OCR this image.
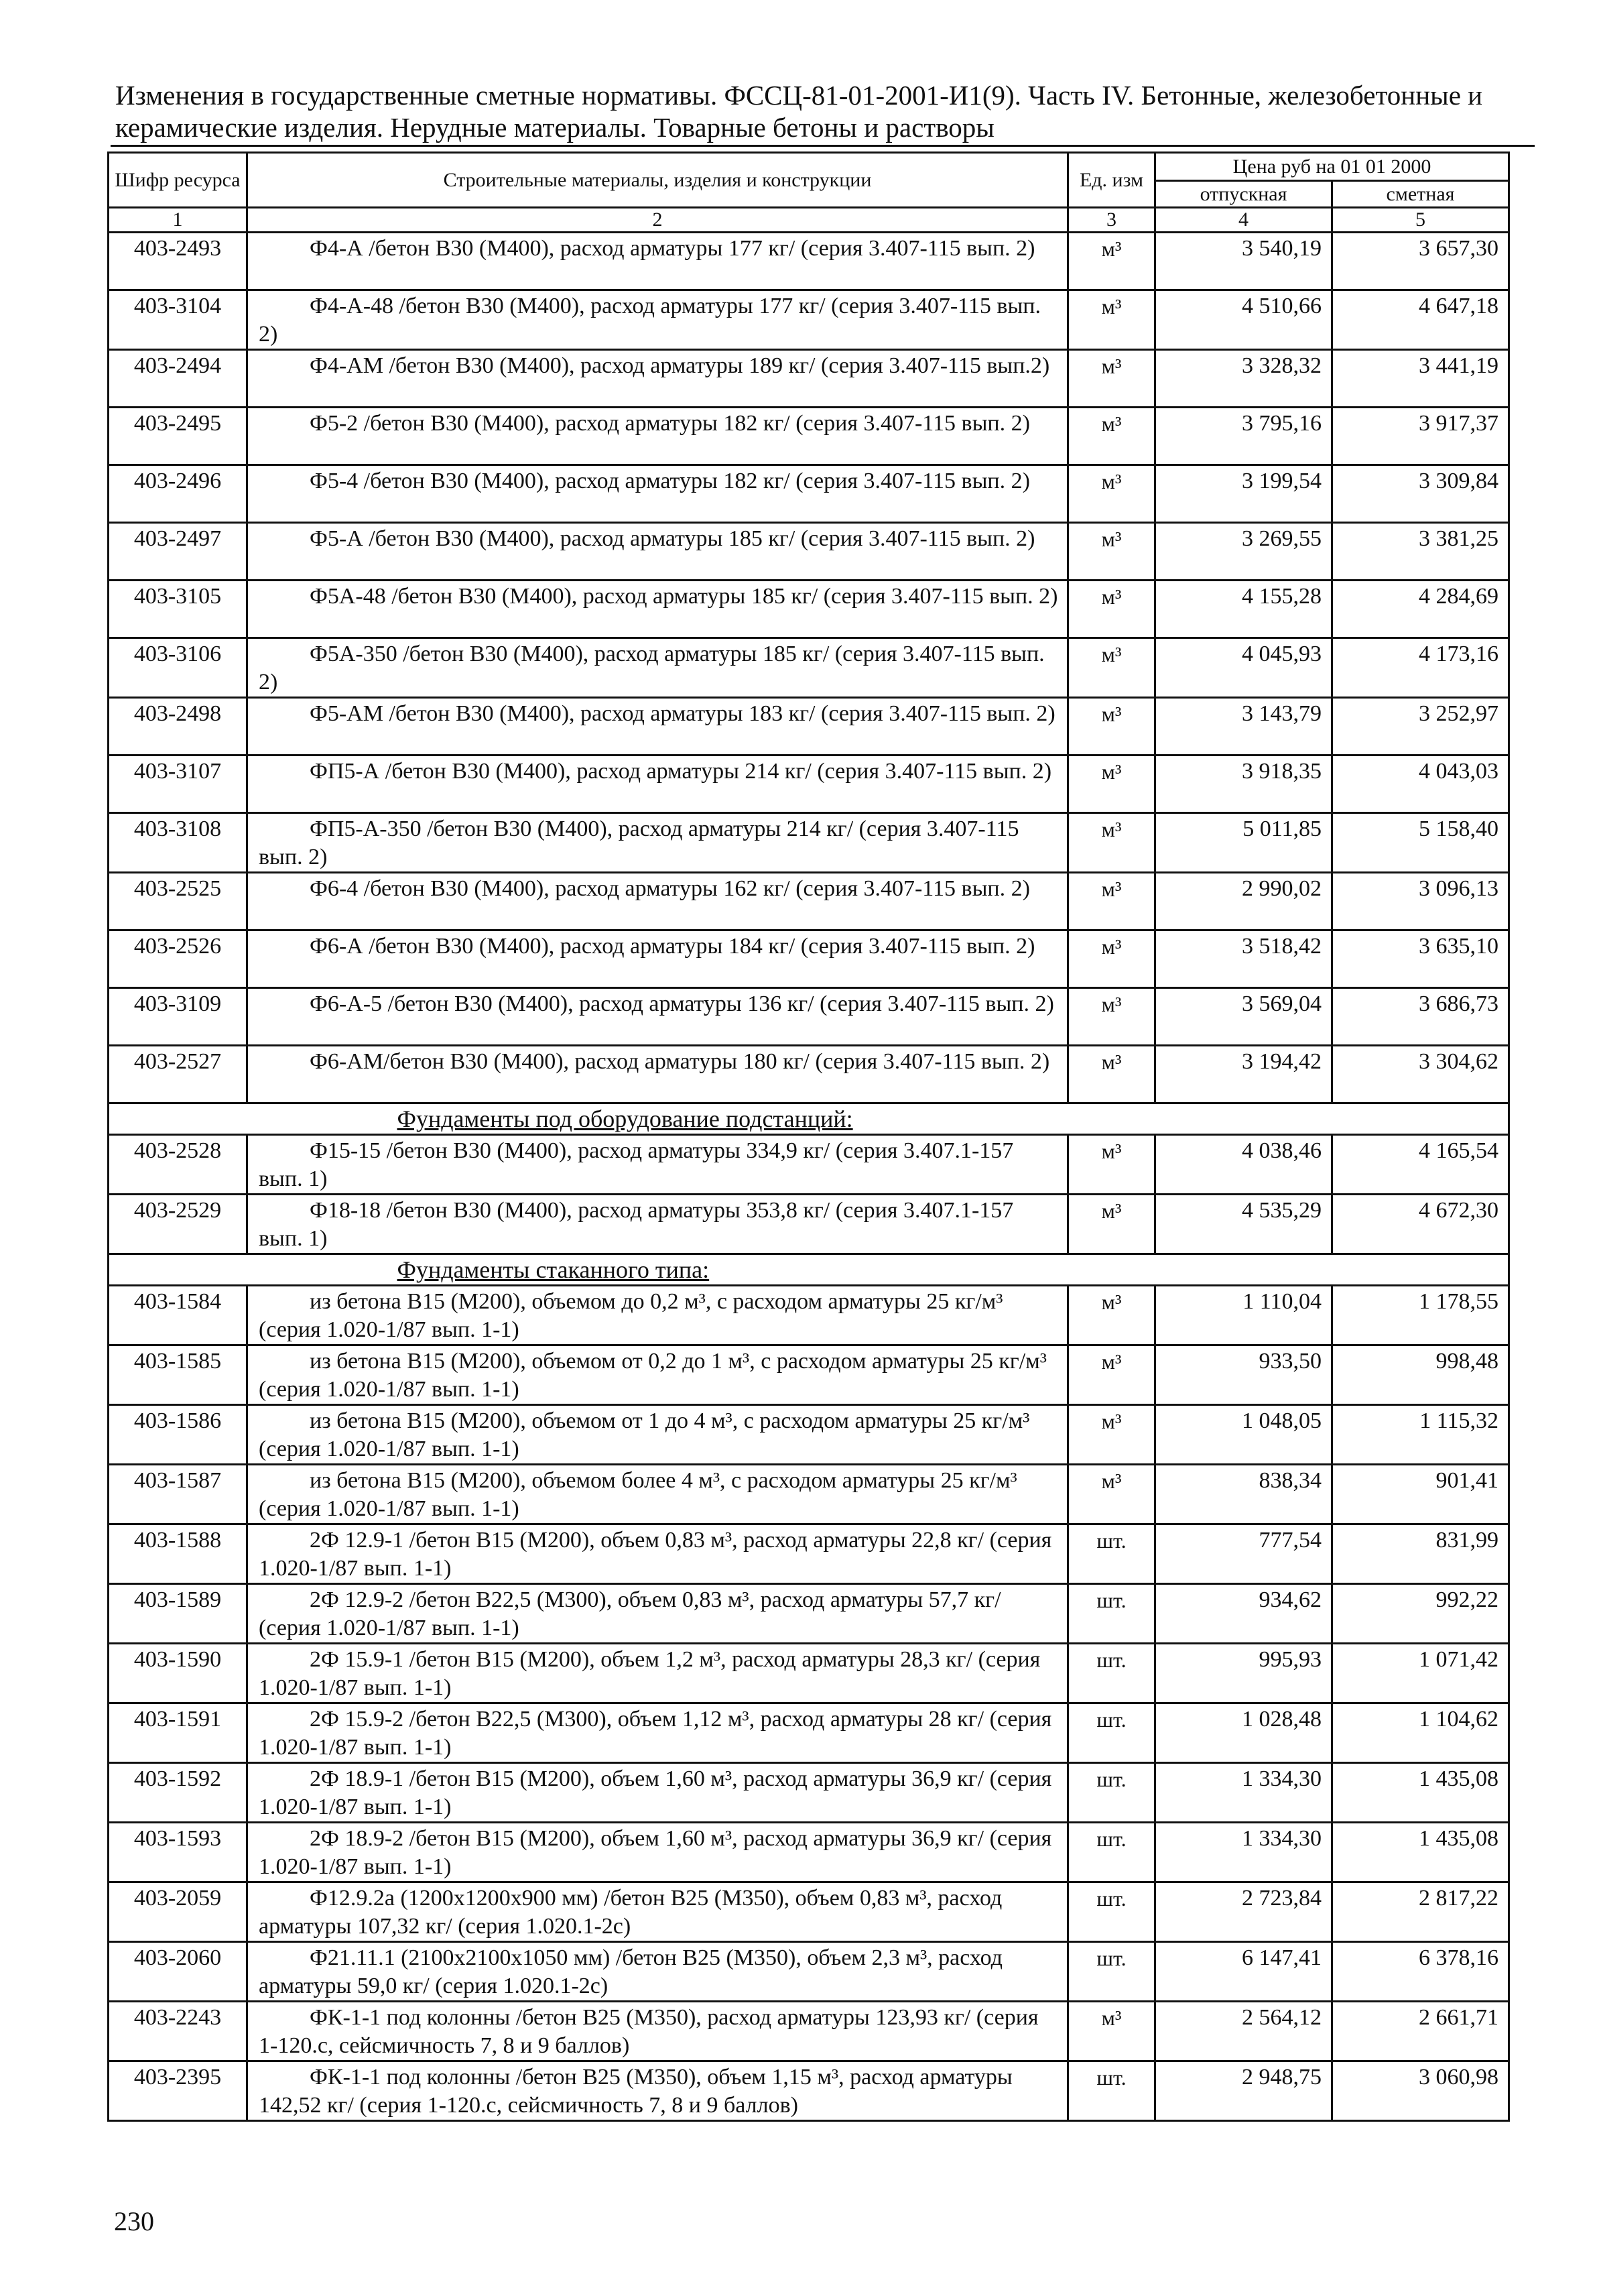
Изменения в государственные сметные нормативы. ФССЦ-81-01-2001-И1(9). Часть IV. Бетонные, железобетонные и керамические изделия. Нерудные материалы. Товарные бетоны и растворы
Шифр ресурса	Строительные материалы, изделия и конструкции	Ед. изм	Цена руб на 01 01 2000	
			отпускная	сметная
1	2	3	4	5
403-2493	Ф4-А /бетон В30 (М400), расход арматуры 177 кг/ (серия 3.407-115 вып. 2)	м³	3 540,19	3 657,30
403-3104	Ф4-А-48 /бетон В30 (М400), расход арматуры 177 кг/ (серия 3.407-115 вып. 2)	м³	4 510,66	4 647,18
403-2494	Ф4-АМ /бетон В30 (М400), расход арматуры 189 кг/ (серия 3.407-115 вып.2)	м³	3 328,32	3 441,19
403-2495	Ф5-2 /бетон В30 (М400), расход арматуры 182 кг/ (серия 3.407-115 вып. 2)	м³	3 795,16	3 917,37
403-2496	Ф5-4 /бетон В30 (М400), расход арматуры 182 кг/ (серия 3.407-115 вып. 2)	м³	3 199,54	3 309,84
403-2497	Ф5-А /бетон В30 (М400), расход арматуры 185 кг/ (серия 3.407-115 вып. 2)	м³	3 269,55	3 381,25
403-3105	Ф5А-48 /бетон В30 (М400), расход арматуры 185 кг/ (серия 3.407-115 вып. 2)	м³	4 155,28	4 284,69
403-3106	Ф5А-350 /бетон В30 (М400), расход арматуры 185 кг/ (серия 3.407-115 вып. 2)	м³	4 045,93	4 173,16
403-2498	Ф5-АМ /бетон В30 (М400), расход арматуры 183 кг/ (серия 3.407-115 вып. 2)	м³	3 143,79	3 252,97
403-3107	ФП5-А /бетон В30 (М400), расход арматуры 214 кг/ (серия 3.407-115 вып. 2)	м³	3 918,35	4 043,03
403-3108	ФП5-А-350 /бетон В30 (М400), расход арматуры 214 кг/ (серия 3.407-115 вып. 2)	м³	5 011,85	5 158,40
403-2525	Ф6-4 /бетон В30 (М400), расход арматуры 162 кг/ (серия 3.407-115 вып. 2)	м³	2 990,02	3 096,13
403-2526	Ф6-А /бетон В30 (М400), расход арматуры 184 кг/ (серия 3.407-115 вып. 2)	м³	3 518,42	3 635,10
403-3109	Ф6-А-5 /бетон В30 (М400), расход арматуры 136 кг/ (серия 3.407-115 вып. 2)	м³	3 569,04	3 686,73
403-2527	Ф6-АМ/бетон В30 (М400), расход арматуры 180 кг/ (серия 3.407-115 вып. 2)	м³	3 194,42	3 304,62
	Фундаменты под оборудование подстанций:			
403-2528	Ф15-15 /бетон В30 (М400), расход арматуры 334,9 кг/ (серия 3.407.1-157 вып. 1)	м³	4 038,46	4 165,54
403-2529	Ф18-18 /бетон В30 (М400), расход арматуры 353,8 кг/ (серия 3.407.1-157 вып. 1)	м³	4 535,29	4 672,30
	Фундаменты стаканного типа:			
403-1584	из бетона В15 (М200), объемом до 0,2 м³, с расходом арматуры 25 кг/м³ (серия 1.020-1/87 вып. 1-1)	м³	1 110,04	1 178,55
403-1585	из бетона В15 (М200), объемом от 0,2 до 1 м³, с расходом арматуры 25 кг/м³ (серия 1.020-1/87 вып. 1-1)	м³	933,50	998,48
403-1586	из бетона В15 (М200), объемом от 1 до 4 м³, с расходом арматуры 25 кг/м³ (серия 1.020-1/87 вып. 1-1)	м³	1 048,05	1 115,32
403-1587	из бетона В15 (М200), объемом более 4 м³, с расходом арматуры 25 кг/м³ (серия 1.020-1/87 вып. 1-1)	м³	838,34	901,41
403-1588	2Ф 12.9-1 /бетон В15 (М200), объем 0,83 м³, расход арматуры 22,8 кг/ (серия 1.020-1/87 вып. 1-1)	шт.	777,54	831,99
403-1589	2Ф 12.9-2 /бетон В22,5 (М300), объем 0,83 м³, расход арматуры 57,7 кг/ (серия 1.020-1/87 вып. 1-1)	шт.	934,62	992,22
403-1590	2Ф 15.9-1 /бетон В15 (М200), объем 1,2 м³, расход арматуры 28,3 кг/ (серия 1.020-1/87 вып. 1-1)	шт.	995,93	1 071,42
403-1591	2Ф 15.9-2 /бетон В22,5 (М300), объем 1,12 м³, расход арматуры 28 кг/ (серия 1.020-1/87 вып. 1-1)	шт.	1 028,48	1 104,62
403-1592	2Ф 18.9-1 /бетон В15 (М200), объем 1,60 м³, расход арматуры 36,9 кг/ (серия 1.020-1/87 вып. 1-1)	шт.	1 334,30	1 435,08
403-1593	2Ф 18.9-2 /бетон В15 (М200), объем 1,60 м³, расход арматуры 36,9 кг/ (серия 1.020-1/87 вып. 1-1)	шт.	1 334,30	1 435,08
403-2059	Ф12.9.2а (1200х1200х900 мм) /бетон В25 (М350), объем 0,83 м³, расход арматуры 107,32 кг/ (серия 1.020.1-2с)	шт.	2 723,84	2 817,22
403-2060	Ф21.11.1 (2100х2100х1050 мм) /бетон В25 (М350), объем 2,3 м³, расход арматуры 59,0 кг/ (серия 1.020.1-2с)	шт.	6 147,41	6 378,16
403-2243	ФК-1-1 под колонны /бетон В25 (М350), расход арматуры 123,93 кг/ (серия 1-120.с, сейсмичность 7, 8 и 9 баллов)	м³	2 564,12	2 661,71
403-2395	ФК-1-1 под колонны /бетон В25 (М350), объем 1,15 м³, расход арматуры 142,52 кг/ (серия 1-120.с, сейсмичность 7, 8 и 9 баллов)	шт.	2 948,75	3 060,98
230
